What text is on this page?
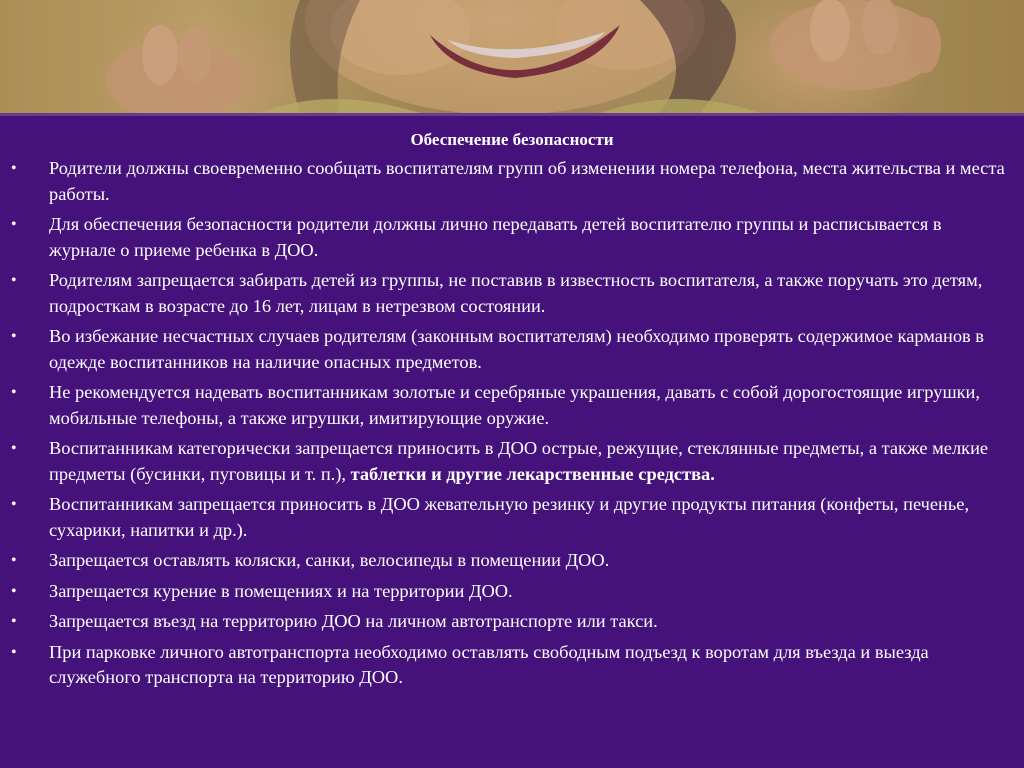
Обеспечение безопасности
• Родители должны своевременно сообщать воспитателям групп об изменении номера телефона, места жительства и места работы.
• Для обеспечения безопасности родители должны лично передавать детей воспитателю группы и расписывается в журнале о приеме ребенка в ДОО.
• Родителям запрещается забирать детей из группы, не поставив в известность воспитателя, а также поручать это детям, подросткам в возрасте до 16 лет, лицам в нетрезвом состоянии.
• Во избежание несчастных случаев родителям (законным воспитателям) необходимо проверять содержимое карманов в одежде воспитанников на наличие опасных предметов.
• Не рекомендуется надевать воспитанникам золотые и серебряные украшения, давать с собой дорогостоящие игрушки, мобильные телефоны, а также игрушки, имитирующие оружие.
• Воспитанникам категорически запрещается приносить в ДОО острые, режущие, стеклянные предметы, а также мелкие предметы (бусинки, пуговицы и т. п.), таблетки и другие лекарственные средства.
• Воспитанникам запрещается приносить в ДОО жевательную резинку и другие продукты питания (конфеты, печенье, сухарики, напитки и др.).
• Запрещается оставлять коляски, санки, велосипеды в помещении ДОО.
• Запрещается курение в помещениях и на территории ДОО.
• Запрещается въезд на территорию ДОО на личном автотранспорте или такси.
• При парковке личного автотранспорта необходимо оставлять свободным подъезд к воротам для въезда и выезда служебного транспорта на территорию ДОО.
